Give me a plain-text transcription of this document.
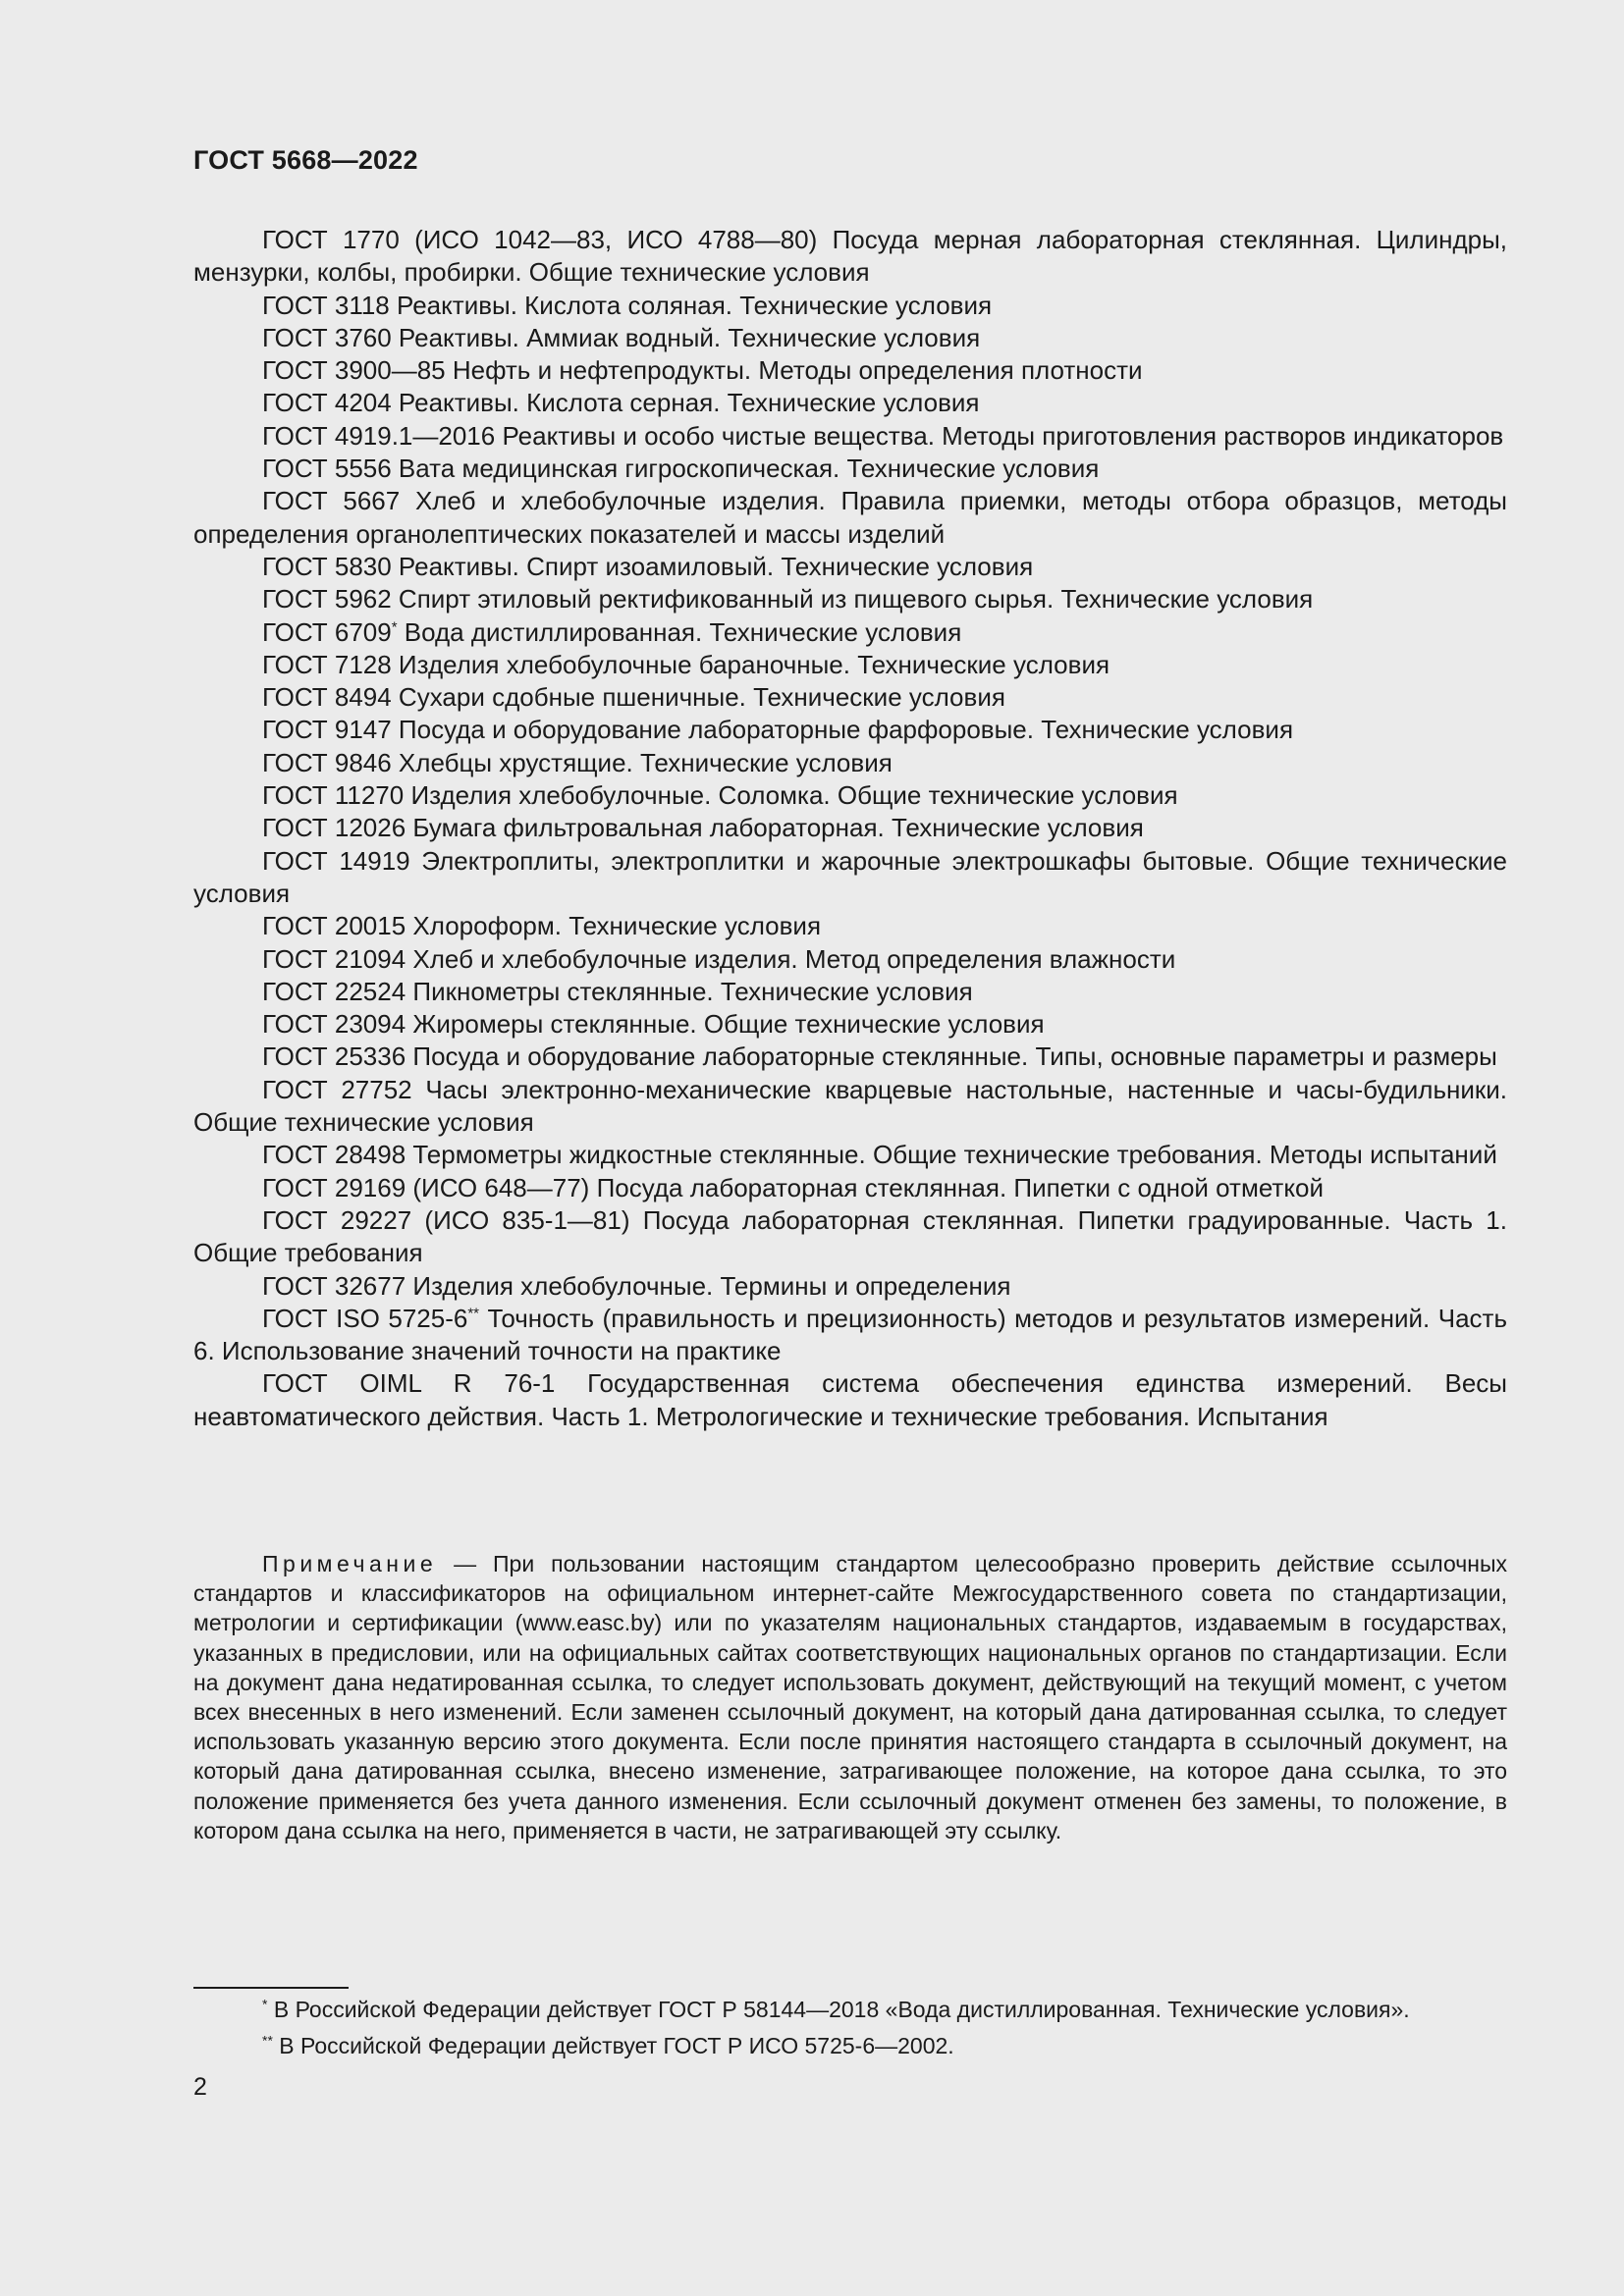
ГОСТ 5668—2022

ГОСТ 1770 (ИСО 1042—83, ИСО 4788—80) Посуда мерная лабораторная стеклянная. Цилиндры, мензурки, колбы, пробирки. Общие технические условия

ГОСТ 3118 Реактивы. Кислота соляная. Технические условия

ГОСТ 3760 Реактивы. Аммиак водный. Технические условия

ГОСТ 3900—85 Нефть и нефтепродукты. Методы определения плотности

ГОСТ 4204 Реактивы. Кислота серная. Технические условия

ГОСТ 4919.1—2016 Реактивы и особо чистые вещества. Методы приготовления растворов индикаторов

ГОСТ 5556 Вата медицинская гигроскопическая. Технические условия

ГОСТ 5667 Хлеб и хлебобулочные изделия. Правила приемки, методы отбора образцов, методы определения органолептических показателей и массы изделий

ГОСТ 5830 Реактивы. Спирт изоамиловый. Технические условия

ГОСТ 5962 Спирт этиловый ректификованный из пищевого сырья. Технические условия

ГОСТ 6709* Вода дистиллированная. Технические условия

ГОСТ 7128 Изделия хлебобулочные бараночные. Технические условия

ГОСТ 8494 Сухари сдобные пшеничные. Технические условия

ГОСТ 9147 Посуда и оборудование лабораторные фарфоровые. Технические условия

ГОСТ 9846 Хлебцы хрустящие. Технические условия

ГОСТ 11270 Изделия хлебобулочные. Соломка. Общие технические условия

ГОСТ 12026 Бумага фильтровальная лабораторная. Технические условия

ГОСТ 14919 Электроплиты, электроплитки и жарочные электрошкафы бытовые. Общие технические условия

ГОСТ 20015 Хлороформ. Технические условия

ГОСТ 21094 Хлеб и хлебобулочные изделия. Метод определения влажности

ГОСТ 22524 Пикнометры стеклянные. Технические условия

ГОСТ 23094 Жиромеры стеклянные. Общие технические условия

ГОСТ 25336 Посуда и оборудование лабораторные стеклянные. Типы, основные параметры и размеры

ГОСТ 27752 Часы электронно-механические кварцевые настольные, настенные и часы-будильники. Общие технические условия

ГОСТ 28498 Термометры жидкостные стеклянные. Общие технические требования. Методы испытаний

ГОСТ 29169 (ИСО 648—77) Посуда лабораторная стеклянная. Пипетки с одной отметкой

ГОСТ 29227 (ИСО 835-1—81) Посуда лабораторная стеклянная. Пипетки градуированные. Часть 1. Общие требования

ГОСТ 32677 Изделия хлебобулочные. Термины и определения

ГОСТ ISO 5725-6** Точность (правильность и прецизионность) методов и результатов измерений. Часть 6. Использование значений точности на практике

ГОСТ OIML R 76-1 Государственная система обеспечения единства измерений. Весы неавтоматического действия. Часть 1. Метрологические и технические требования. Испытания

Примечание — При пользовании настоящим стандартом целесообразно проверить действие ссылочных стандартов и классификаторов на официальном интернет-сайте Межгосударственного совета по стандартизации, метрологии и сертификации (www.easc.by) или по указателям национальных стандартов, издаваемым в государствах, указанных в предисловии, или на официальных сайтах соответствующих национальных органов по стандартизации. Если на документ дана недатированная ссылка, то следует использовать документ, действующий на текущий момент, с учетом всех внесенных в него изменений. Если заменен ссылочный документ, на который дана датированная ссылка, то следует использовать указанную версию этого документа. Если после принятия настоящего стандарта в ссылочный документ, на который дана датированная ссылка, внесено изменение, затрагивающее положение, на которое дана ссылка, то это положение применяется без учета данного изменения. Если ссылочный документ отменен без замены, то положение, в котором дана ссылка на него, применяется в части, не затрагивающей эту ссылку.

* В Российской Федерации действует ГОСТ Р 58144—2018 «Вода дистиллированная. Технические условия».
** В Российской Федерации действует ГОСТ Р ИСО 5725-6—2002.
2
